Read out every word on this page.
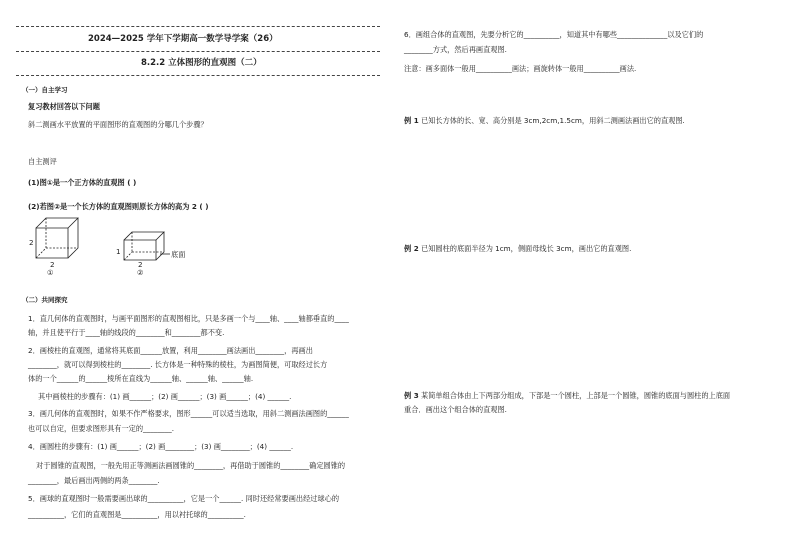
2024—2025 学年下学期高一数学导学案（26）
8.2.2 立体图形的直观图（二）
（一）自主学习
复习教材回答以下问题
斜二测画水平放置的平面图形的直观图的分哪几个步骤？
自主测评
(1)图①是一个正方体的直观图 ( )
(2)若图②是一个长方体的直观图则原长方体的高为 2 ( )
2
2
①
1
2
底面
②
（二）共同探究
1．直几何体的直观图时，与画平面图形的直观图相比，只是多画一个与____轴、____轴都垂直的____
轴，并且使平行于____轴的线段的________和________都不变.
2．画棱柱的直观图，通常将其底面______放置，利用________画法画出________，再画出
________，就可以得到棱柱的________. 长方体是一种特殊的棱柱，为画图简便，可取经过长方
体的一个______的______棱所在直线为______轴、______轴、______轴.
其中画棱柱的步骤有：(1) 画______；(2) 画______；(3) 画______；(4) ______.
3．画几何体的直观图时，如果不作严格要求，图形______可以适当选取，用斜二测画法画图的______
也可以自定，但要求图形具有一定的________.
4．画圆柱的步骤有：(1) 画______；(2) 画________；(3) 画________；(4) ______.
对于圆锥的直观图，一般先用正等测画法画圆锥的________，再借助于圆锥的________确定圆锥的
________，最后画出两侧的两条________.
5．画球的直观图时一般需要画出球的__________，它是一个______. 同时还经常要画出经过球心的
__________，它们的直观图是__________，用以衬托球的__________.
6．画组合体的直观图，先要分析它的__________，知道其中有哪些______________以及它们的
________方式，然后再画直观图.
注意：画多面体一般用__________画法；画旋转体一般用__________画法.
例 1 已知长方体的长、宽、高分别是 3cm,2cm,1.5cm，用斜二测画法画出它的直观图.
例 2 已知圆柱的底面半径为 1cm，侧面母线长 3cm，画出它的直观图.
例 3 某简单组合体由上下两部分组成，下部是一个圆柱，上部是一个圆锥，圆锥的底面与圆柱的上底面
重合．画出这个组合体的直观图.
